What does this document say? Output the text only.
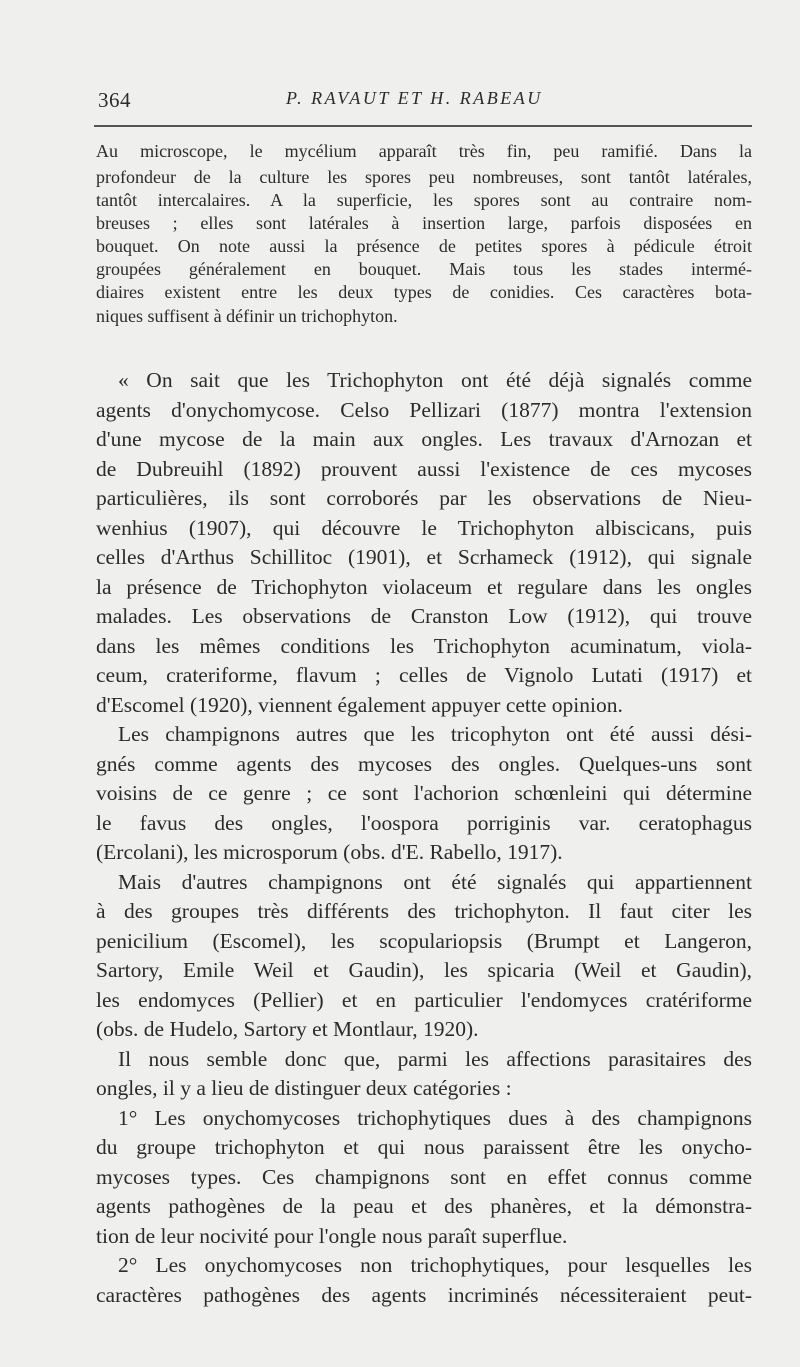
364	P. RAVAUT ET H. RABEAU
Au microscope, le mycélium apparaît très fin, peu ramifié. Dans la
profondeur de la culture les spores peu nombreuses, sont tantôt latérales,
tantôt intercalaires. A la superficie, les spores sont au contraire nom-
breuses ; elles sont latérales à insertion large, parfois disposées en
bouquet. On note aussi la présence de petites spores à pédicule étroit
groupées généralement en bouquet. Mais tous les stades intermé-
diaires existent entre les deux types de conidies. Ces caractères bota-
niques suffisent à définir un trichophyton.
« On sait que les Trichophyton ont été déjà signalés comme
agents d'onychomycose. Celso Pellizari (1877) montra l'extension
d'une mycose de la main aux ongles. Les travaux d'Arnozan et
de Dubreuihl (1892) prouvent aussi l'existence de ces mycoses
particulières, ils sont corroborés par les observations de Nieu-
wenhius (1907), qui découvre le Trichophyton albiscicans, puis
celles d'Arthus Schillitoc (1901), et Scrhameck (1912), qui signale
la présence de Trichophyton violaceum et regulare dans les ongles
malades. Les observations de Cranston Low (1912), qui trouve
dans les mêmes conditions les Trichophyton acuminatum, viola-
ceum, crateriforme, flavum ; celles de Vignolo Lutati (1917) et
d'Escomel (1920), viennent également appuyer cette opinion.
Les champignons autres que les tricophyton ont été aussi dési-
gnés comme agents des mycoses des ongles. Quelques-uns sont
voisins de ce genre ; ce sont l'achorion schœnleini qui détermine
le favus des ongles, l'oospora porriginis var. ceratophagus
(Ercolani), les microsporum (obs. d'E. Rabello, 1917).
Mais d'autres champignons ont été signalés qui appartiennent
à des groupes très différents des trichophyton. Il faut citer les
penicilium (Escomel), les scopulariopsis (Brumpt et Langeron,
Sartory, Emile Weil et Gaudin), les spicaria (Weil et Gaudin),
les endomyces (Pellier) et en particulier l'endomyces cratériforme
(obs. de Hudelo, Sartory et Montlaur, 1920).
Il nous semble donc que, parmi les affections parasitaires des
ongles, il y a lieu de distinguer deux catégories :
1° Les onychomycoses trichophytiques dues à des champignons
du groupe trichophyton et qui nous paraissent être les onycho-
mycoses types. Ces champignons sont en effet connus comme
agents pathogènes de la peau et des phanères, et la démonstra-
tion de leur nocivité pour l'ongle nous paraît superflue.
2° Les onychomycoses non trichophytiques, pour lesquelles les
caractères pathogènes des agents incriminés nécessiteraient peut-
